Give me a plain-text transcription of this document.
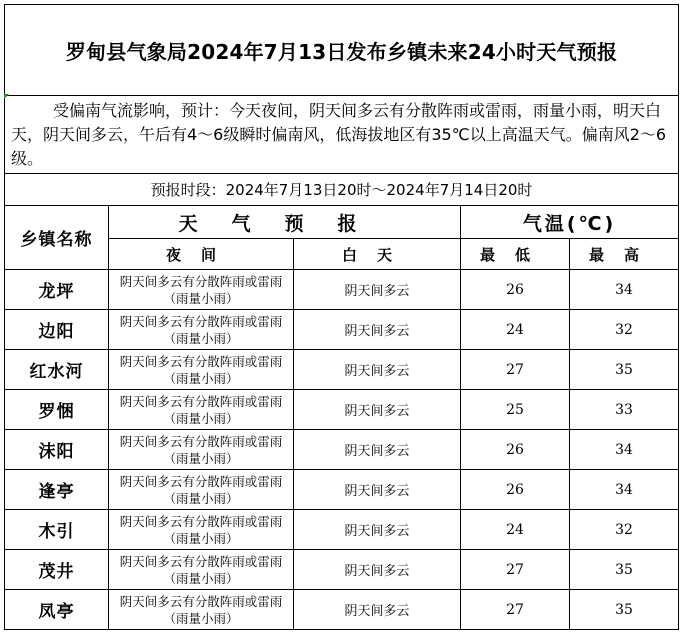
罗甸县气象局2024年7月13日发布乡镇未来24小时天气预报				
受偏南气流影响，预计：今天夜间，阴天间多云有分散阵雨或雷雨，雨量小雨，明天白天，阴天间多云，午后有4～6级瞬时偏南风，低海拔地区有35℃以上高温天气。偏南风2～6级。				
预报时段：2024年7月13日20时～2024年7月14日20时				
乡镇名称	天气预报		气温(℃)	
	夜间	白天	最低	最高
龙坪	阴天间多云有分散阵雨或雷雨（雨量小雨）	阴天间多云	26	34
边阳	阴天间多云有分散阵雨或雷雨（雨量小雨）	阴天间多云	24	32
红水河	阴天间多云有分散阵雨或雷雨（雨量小雨）	阴天间多云	27	35
罗悃	阴天间多云有分散阵雨或雷雨（雨量小雨）	阴天间多云	25	33
沫阳	阴天间多云有分散阵雨或雷雨（雨量小雨）	阴天间多云	26	34
逢亭	阴天间多云有分散阵雨或雷雨（雨量小雨）	阴天间多云	26	34
木引	阴天间多云有分散阵雨或雷雨（雨量小雨）	阴天间多云	24	32
茂井	阴天间多云有分散阵雨或雷雨（雨量小雨）	阴天间多云	27	35
凤亭	阴天间多云有分散阵雨或雷雨（雨量小雨）	阴天间多云	27	35
